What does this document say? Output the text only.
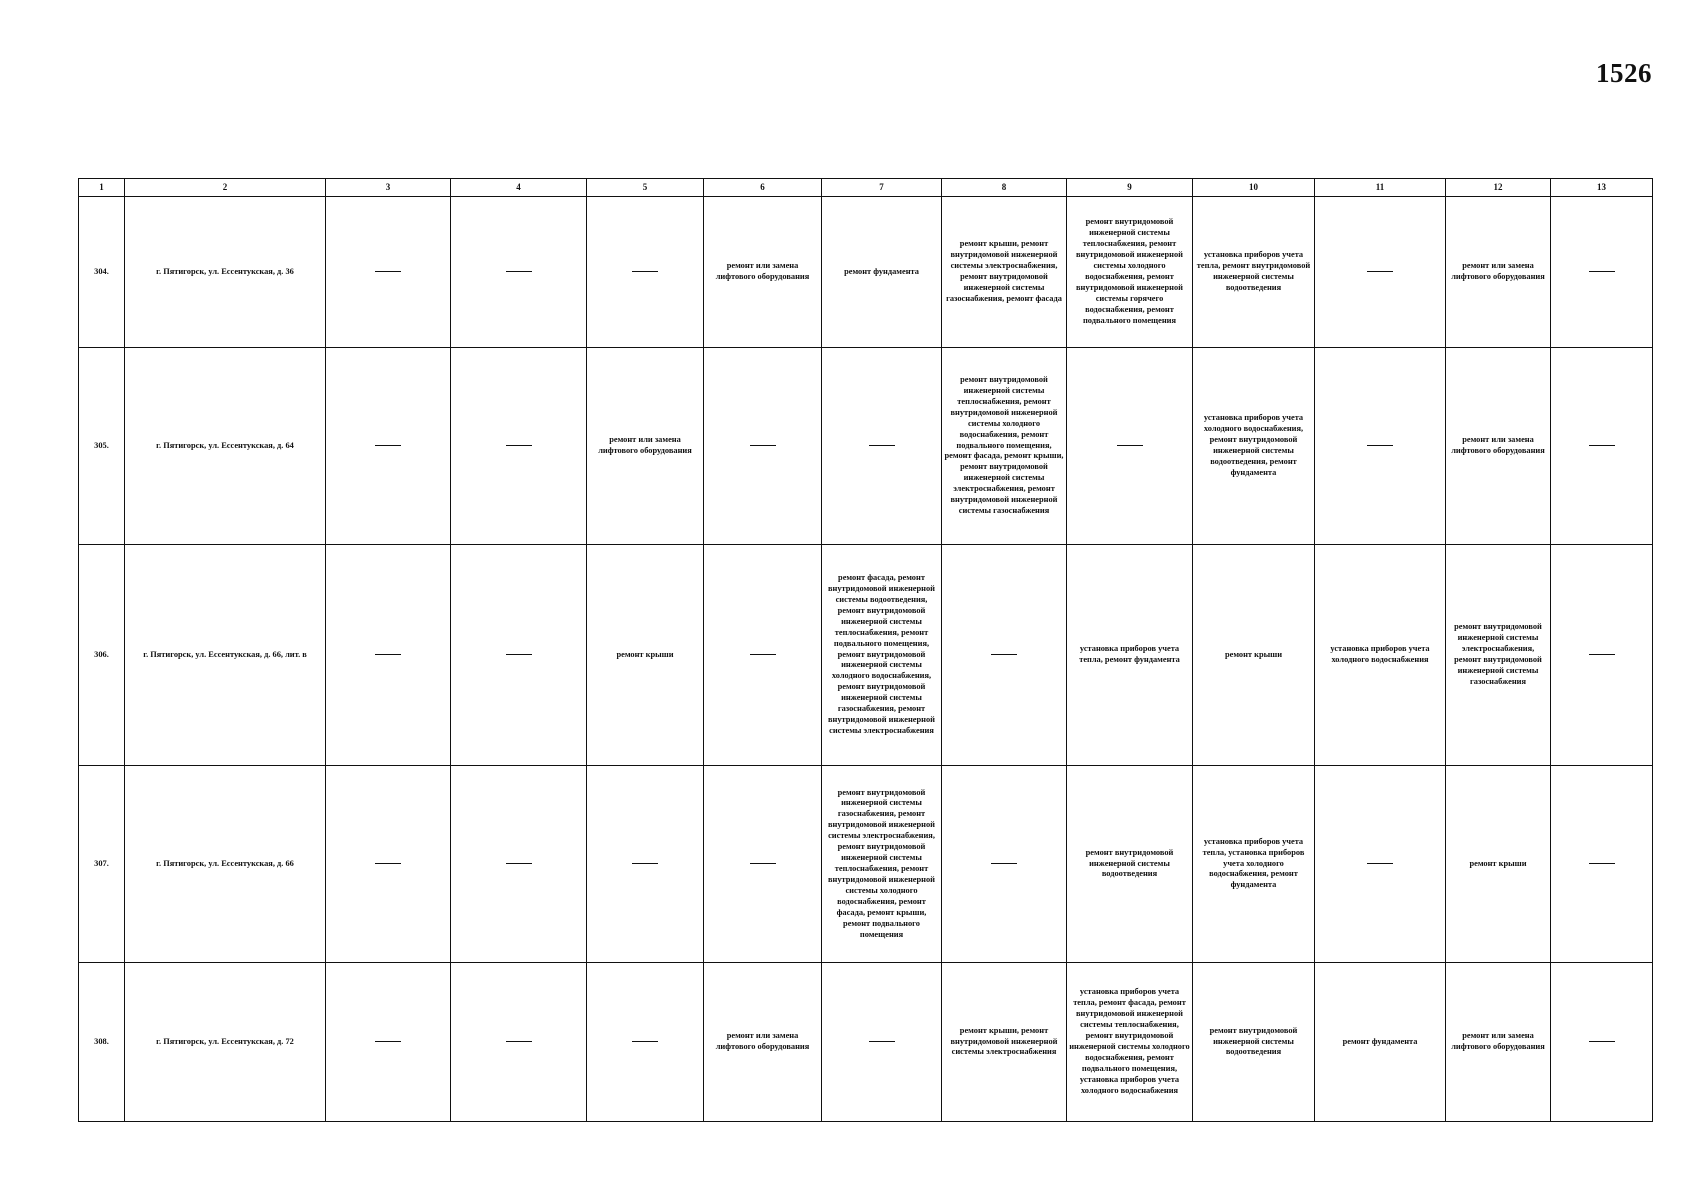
1526
1	2	3	4	5	6	7	8	9	10	11	12	13
304.	г. Пятигорск, ул. Ессентукская, д. 36				ремонт или замена лифтового оборудования	ремонт фундамента	ремонт крыши, ремонт внутридомовой инженерной системы электроснабжения, ремонт внутридомовой инженерной системы газоснабжения, ремонт фасада	ремонт внутридомовой инженерной системы теплоснабжения, ремонт внутридомовой инженерной системы холодного водоснабжения, ремонт внутридомовой инженерной системы горячего водоснабжения, ремонт подвального помещения	установка приборов учета тепла, ремонт внутридомовой инженерной системы водоотведения		ремонт или замена лифтового оборудования	
305.	г. Пятигорск, ул. Ессентукская, д. 64			ремонт или замена лифтового оборудования			ремонт внутридомовой инженерной системы теплоснабжения, ремонт внутридомовой инженерной системы холодного водоснабжения, ремонт подвального помещения, ремонт фасада, ремонт крыши, ремонт внутридомовой инженерной системы электроснабжения, ремонт внутридомовой инженерной системы газоснабжения		установка приборов учета холодного водоснабжения, ремонт внутридомовой инженерной системы водоотведения, ремонт фундамента		ремонт или замена лифтового оборудования	
306.	г. Пятигорск, ул. Ессентукская, д. 66, лит. в			ремонт крыши		ремонт фасада, ремонт внутридомовой инженерной системы водоотведения, ремонт внутридомовой инженерной системы теплоснабжения, ремонт подвального помещения, ремонт внутридомовой инженерной системы холодного водоснабжения, ремонт внутридомовой инженерной системы газоснабжения, ремонт внутридомовой инженерной системы электроснабжения		установка приборов учета тепла, ремонт фундамента	ремонт крыши	установка приборов учета холодного водоснабжения	ремонт внутридомовой инженерной системы электроснабжения, ремонт внутридомовой инженерной системы газоснабжения	
307.	г. Пятигорск, ул. Ессентукская, д. 66					ремонт внутридомовой инженерной системы газоснабжения, ремонт внутридомовой инженерной системы электроснабжения, ремонт внутридомовой инженерной системы теплоснабжения, ремонт внутридомовой инженерной системы холодного водоснабжения, ремонт фасада, ремонт крыши, ремонт подвального помещения		ремонт внутридомовой инженерной системы водоотведения	установка приборов учета тепла, установка приборов учета холодного водоснабжения, ремонт фундамента		ремонт крыши	
308.	г. Пятигорск, ул. Ессентукская, д. 72				ремонт или замена лифтового оборудования		ремонт крыши, ремонт внутридомовой инженерной системы электроснабжения	установка приборов учета тепла, ремонт фасада, ремонт внутридомовой инженерной системы теплоснабжения, ремонт внутридомовой инженерной системы холодного водоснабжения, ремонт подвального помещения, установка приборов учета холодного водоснабжения	ремонт внутридомовой инженерной системы водоотведения	ремонт фундамента	ремонт или замена лифтового оборудования	
